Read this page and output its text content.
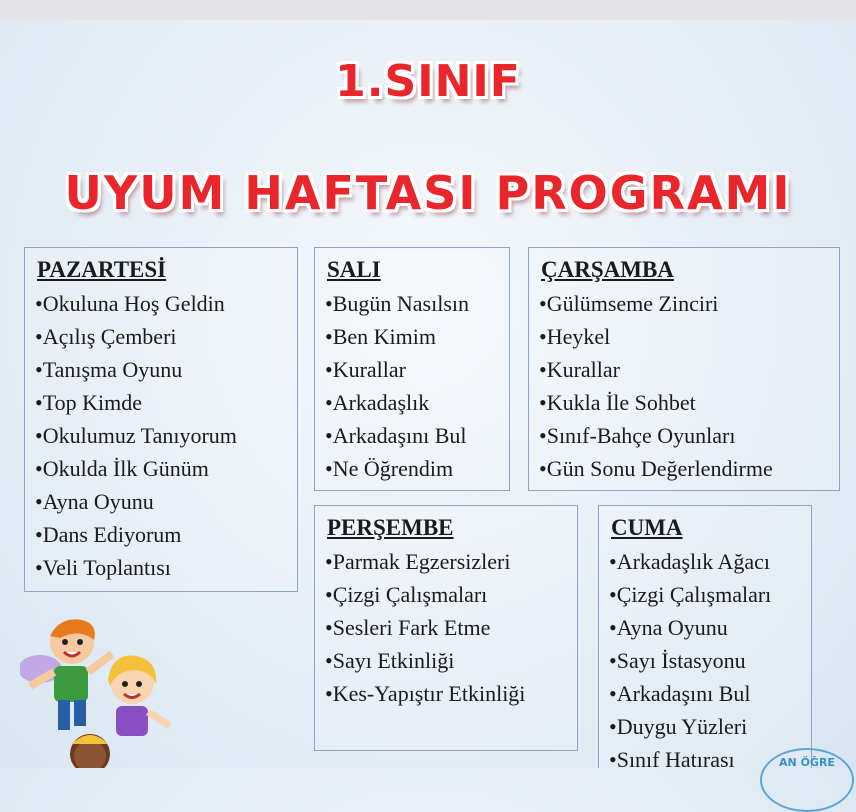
1.SINIF
UYUM HAFTASI PROGRAMI
PAZARTESİ
• Okuluna Hoş Geldin
• Açılış Çemberi
• Tanışma Oyunu
• Top Kimde
• Okulumuz Tanıyorum
• Okulda İlk Günüm
• Ayna Oyunu
• Dans Ediyorum
• Veli Toplantısı
SALI
• Bugün Nasılsın
• Ben Kimim
• Kurallar
• Arkadaşlık
• Arkadaşını Bul
• Ne Öğrendim
ÇARŞAMBA
• Gülümseme Zinciri
• Heykel
• Kurallar
• Kukla İle Sohbet
• Sınıf-Bahçe Oyunları
• Gün Sonu Değerlendirme
PERŞEMBE
• Parmak Egzersizleri
• Çizgi Çalışmaları
• Sesleri Fark Etme
• Sayı Etkinliği
• Kes-Yapıştır Etkinliği
CUMA
• Arkadaşlık Ağacı
• Çizgi Çalışmaları
• Ayna Oyunu
• Sayı İstasyonu
• Arkadaşını Bul
• Duygu Yüzleri
• Sınıf Hatırası	AN ÖĞRE
